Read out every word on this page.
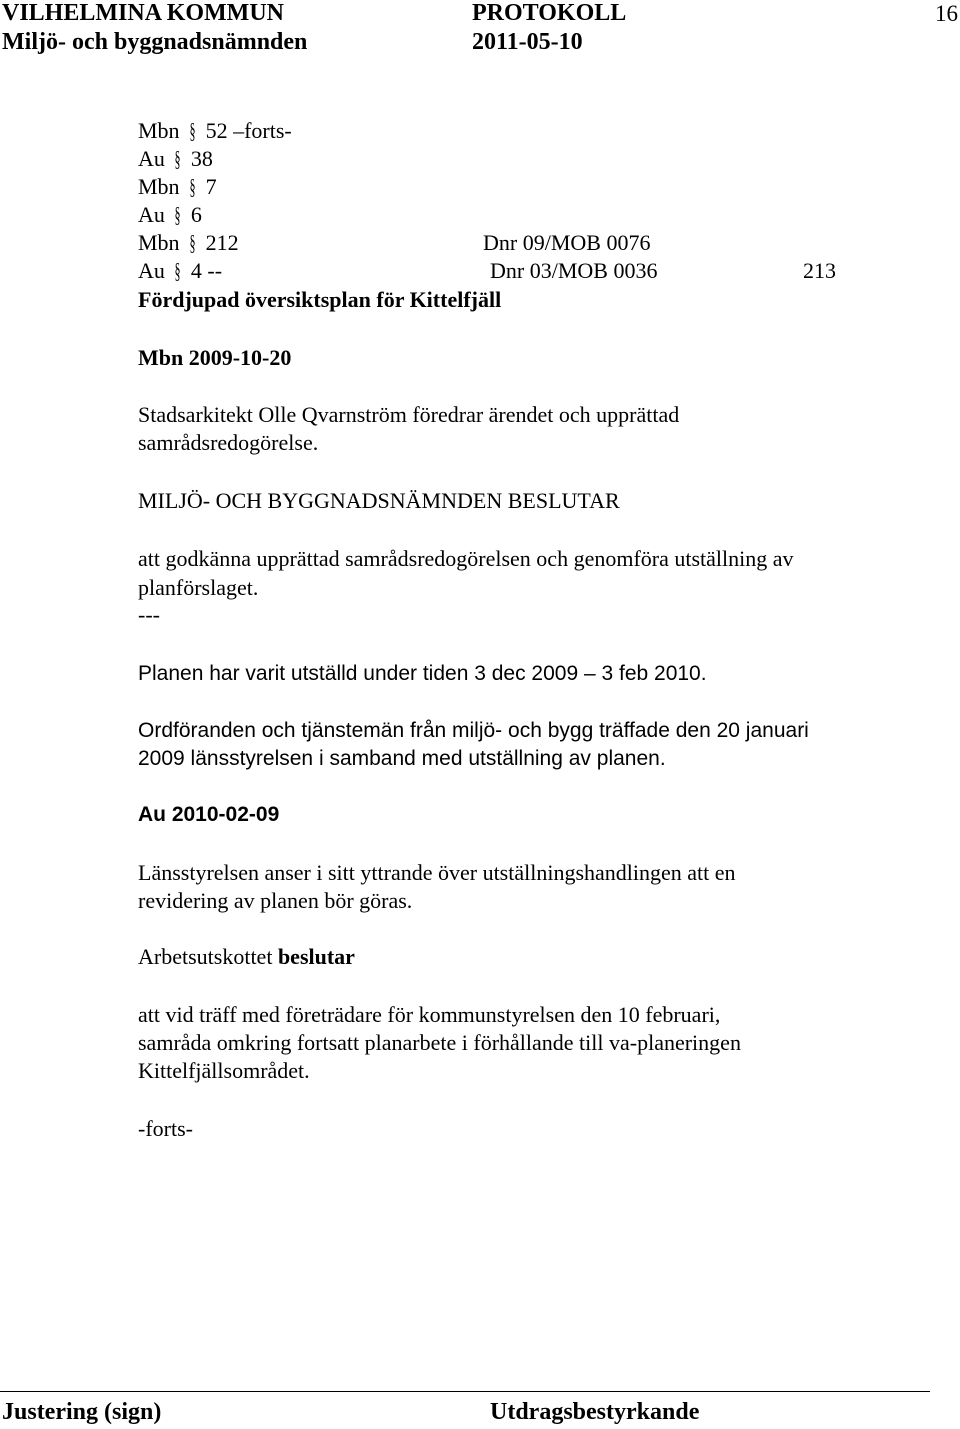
VILHELMINA KOMMUN	PROTOKOLL	16
Miljö- och byggnadsnämnden	2011-05-10
Mbn § 52 –forts-
Au § 38
Mbn § 7
Au § 6
Mbn § 212	Dnr 09/MOB 0076
Au § 4 --	Dnr 03/MOB 0036	213
Fördjupad översiktsplan för Kittelfjäll
Mbn 2009-10-20
Stadsarkitekt Olle Qvarnström föredrar ärendet och upprättad
samrådsredogörelse.
MILJÖ- OCH BYGGNADSNÄMNDEN BESLUTAR
att godkänna upprättad samrådsredogörelsen och genomföra utställning av
planförslaget.
---
Planen har varit utställd under tiden 3 dec 2009 – 3 feb 2010.
Ordföranden och tjänstemän från miljö- och bygg träffade den 20 januari
2009 länsstyrelsen i samband med utställning av planen.
Au 2010-02-09
Länsstyrelsen anser i sitt yttrande över utställningshandlingen att en
revidering av planen bör göras.
Arbetsutskottet beslutar
att vid träff med företrädare för kommunstyrelsen den 10 februari,
samråda omkring fortsatt planarbete i förhållande till va-planeringen
Kittelfjällsområdet.
-forts-
Justering (sign)	Utdragsbestyrkande
